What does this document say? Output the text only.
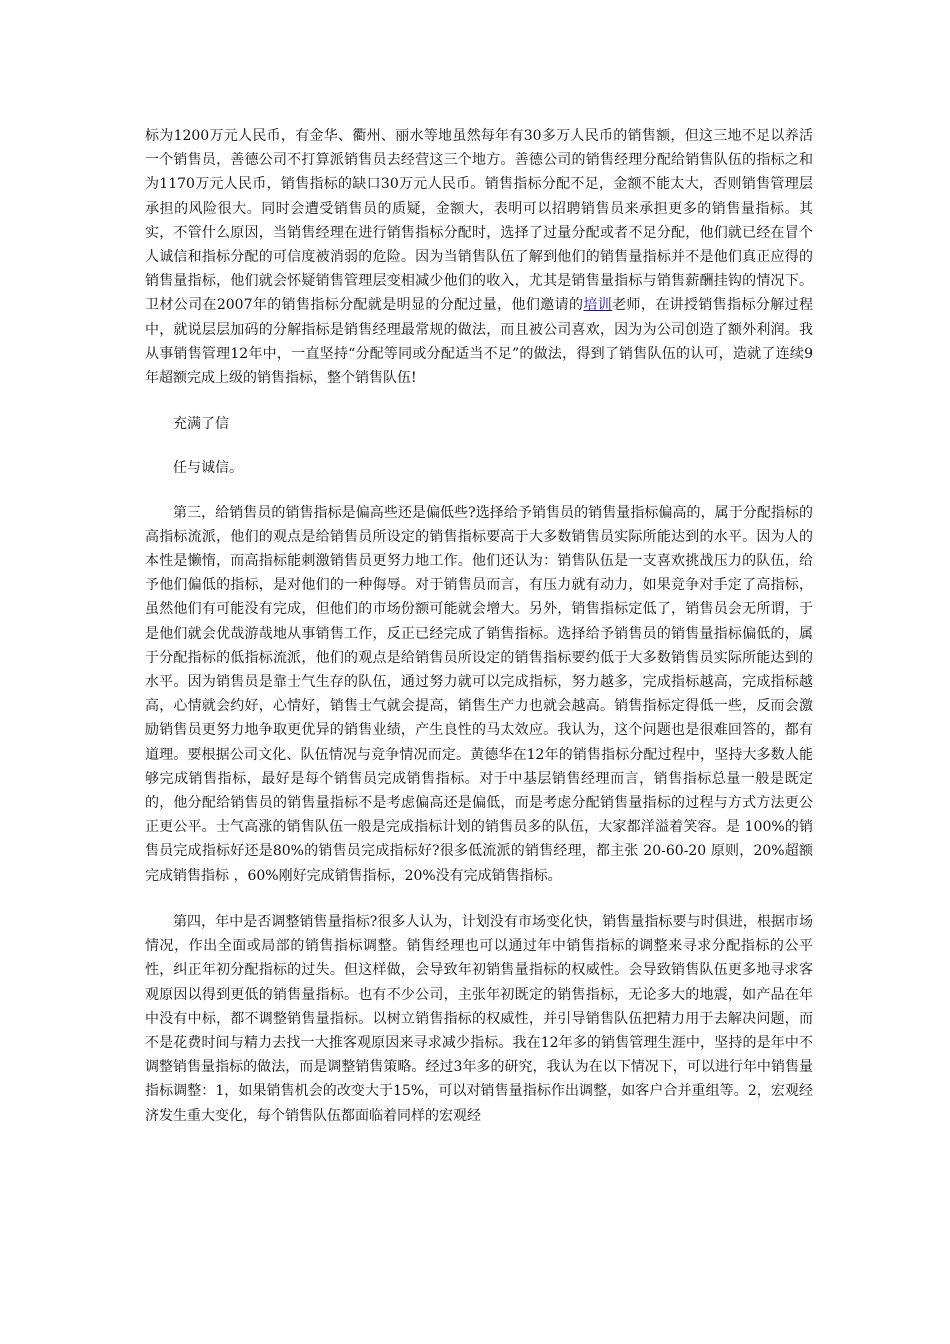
标为1200万元人民币，有金华、衢州、丽水等地虽然每年有30多万人民币的销售额，但这三地不足以养活一个销售员，善德公司不打算派销售员去经营这三个地方。善德公司的销售经理分配给销售队伍的指标之和为1170万元人民币，销售指标的缺口30万元人民币。销售指标分配不足，金额不能太大，否则销售管理层承担的风险很大。同时会遭受销售员的质疑，金额大，表明可以招聘销售员来承担更多的销售量指标。其实，不管什么原因，当销售经理在进行销售指标分配时，选择了过量分配或者不足分配，他们就已经在冒个人诚信和指标分配的可信度被消弱的危险。因为当销售队伍了解到他们的销售量指标并不是他们真正应得的销售量指标，他们就会怀疑销售管理层变相减少他们的收入，尤其是销售量指标与销售薪酬挂钩的情况下。卫材公司在2007年的销售指标分配就是明显的分配过量，他们邀请的培训老师，在讲授销售指标分解过程中，就说层层加码的分解指标是销售经理最常规的做法，而且被公司喜欢，因为为公司创造了额外利润。我从事销售管理12年中，一直坚持“分配等同或分配适当不足”的做法，得到了销售队伍的认可，造就了连续9年超额完成上级的销售指标，整个销售队伍!

充满了信

任与诚信。

第三，给销售员的销售指标是偏高些还是偏低些?选择给予销售员的销售量指标偏高的，属于分配指标的高指标流派，他们的观点是给销售员所设定的销售指标要高于大多数销售员实际所能达到的水平。因为人的本性是懒惰，而高指标能刺激销售员更努力地工作。他们还认为：销售队伍是一支喜欢挑战压力的队伍，给予他们偏低的指标，是对他们的一种侮辱。对于销售员而言，有压力就有动力，如果竞争对手定了高指标，虽然他们有可能没有完成，但他们的市场份额可能就会增大。另外，销售指标定低了，销售员会无所谓，于是他们就会优哉游哉地从事销售工作，反正已经完成了销售指标。选择给予销售员的销售量指标偏低的，属于分配指标的低指标流派，他们的观点是给销售员所设定的销售指标要约低于大多数销售员实际所能达到的水平。因为销售员是靠士气生存的队伍，通过努力就可以完成指标，努力越多，完成指标越高，完成指标越高，心情就会约好，心情好，销售士气就会提高，销售生产力也就会越高。销售指标定得低一些，反而会激励销售员更努力地争取更优异的销售业绩，产生良性的马太效应。我认为，这个问题也是很难回答的，都有道理。要根据公司文化、队伍情况与竞争情况而定。黄德华在12年的销售指标分配过程中，坚持大多数人能够完成销售指标，最好是每个销售员完成销售指标。对于中基层销售经理而言，销售指标总量一般是既定的，他分配给销售员的销售量指标不是考虑偏高还是偏低，而是考虑分配销售量指标的过程与方式方法更公正更公平。士气高涨的销售队伍一般是完成指标计划的销售员多的队伍，大家都洋溢着笑容。是 100%的销售员完成指标好还是80%的销售员完成指标好?很多低流派的销售经理，都主张 20-60-20 原则，20%超额完成销售指标 ，60%刚好完成销售指标，20%没有完成销售指标。

第四，年中是否调整销售量指标?很多人认为，计划没有市场变化快，销售量指标要与时俱进，根据市场情况，作出全面或局部的销售指标调整。销售经理也可以通过年中销售指标的调整来寻求分配指标的公平性，纠正年初分配指标的过失。但这样做，会导致年初销售量指标的权威性。会导致销售队伍更多地寻求客观原因以得到更低的销售量指标。也有不少公司，主张年初既定的销售指标，无论多大的地震，如产品在年中没有中标，都不调整销售量指标。以树立销售指标的权威性，并引导销售队伍把精力用于去解决问题，而不是花费时间与精力去找一大推客观原因来寻求减少指标。我在12年多的销售管理生涯中，坚持的是年中不调整销售量指标的做法，而是调整销售策略。经过3年多的研究，我认为在以下情况下，可以进行年中销售量指标调整：1，如果销售机会的改变大于15%，可以对销售量指标作出调整，如客户合并重组等。2，宏观经济发生重大变化，每个销售队伍都面临着同样的宏观经
